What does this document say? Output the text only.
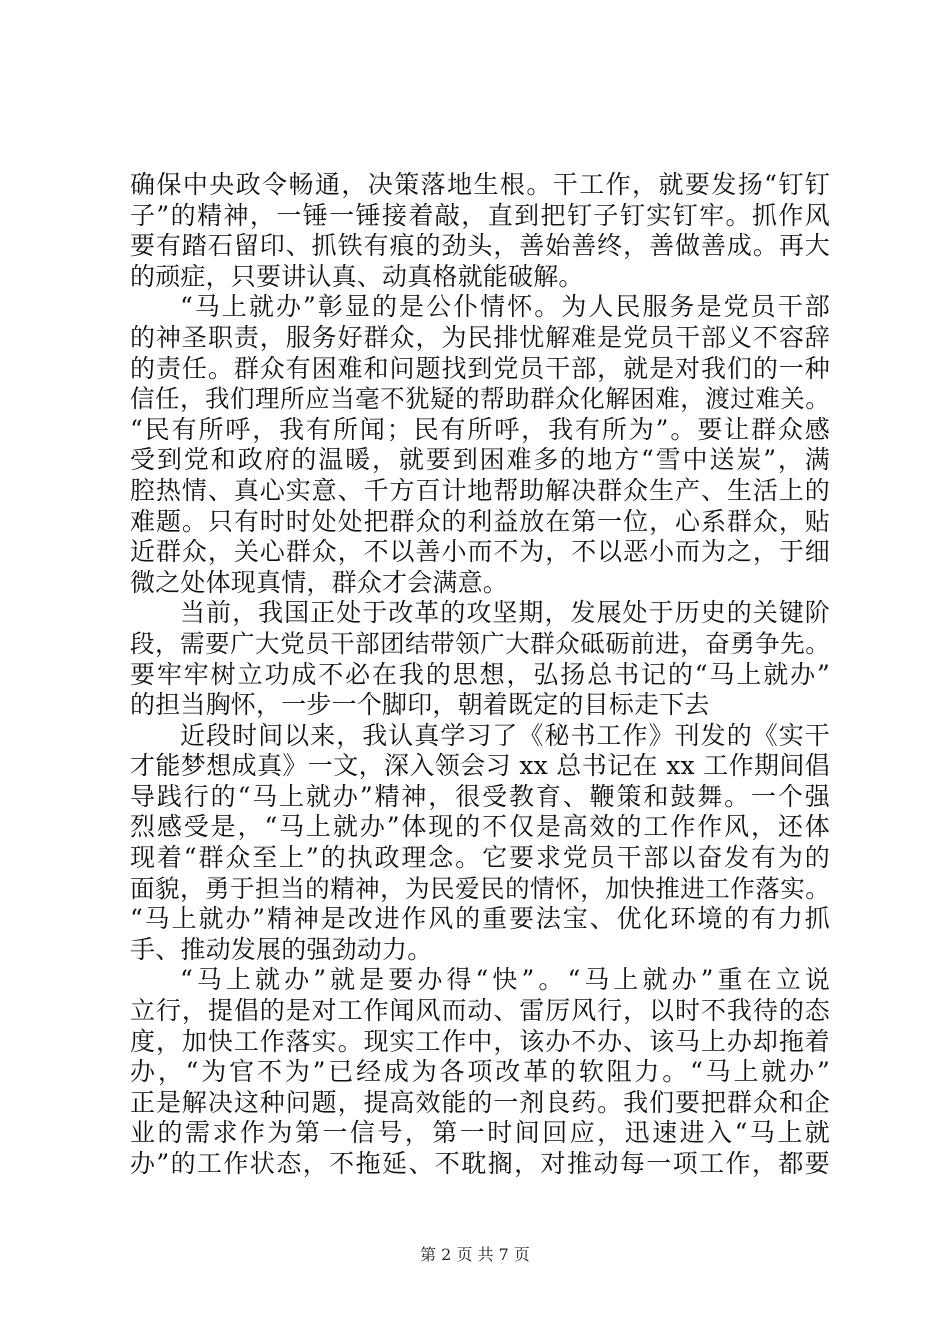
确保中央政令畅通，决策落地生根。干工作，就要发扬“钉钉
子”的精神，一锤一锤接着敲，直到把钉子钉实钉牢。抓作风
要有踏石留印、抓铁有痕的劲头，善始善终，善做善成。再大
的顽症，只要讲认真、动真格就能破解。
“马上就办”彰显的是公仆情怀。为人民服务是党员干部
的神圣职责，服务好群众，为民排忧解难是党员干部义不容辞
的责任。群众有困难和问题找到党员干部，就是对我们的一种
信任，我们理所应当毫不犹疑的帮助群众化解困难，渡过难关。
“民有所呼，我有所闻；民有所呼，我有所为”。要让群众感
受到党和政府的温暖，就要到困难多的地方“雪中送炭”，满
腔热情、真心实意、千方百计地帮助解决群众生产、生活上的
难题。只有时时处处把群众的利益放在第一位，心系群众，贴
近群众，关心群众，不以善小而不为，不以恶小而为之，于细
微之处体现真情，群众才会满意。
当前，我国正处于改革的攻坚期，发展处于历史的关键阶
段，需要广大党员干部团结带领广大群众砥砺前进，奋勇争先。
要牢牢树立功成不必在我的思想，弘扬总书记的“马上就办”
的担当胸怀，一步一个脚印，朝着既定的目标走下去
近段时间以来，我认真学习了《秘书工作》刊发的《实干
才能梦想成真》一文，深入领会习 xx 总书记在 xx 工作期间倡
导践行的“马上就办”精神，很受教育、鞭策和鼓舞。一个强
烈感受是，“马上就办”体现的不仅是高效的工作作风，还体
现着“群众至上”的执政理念。它要求党员干部以奋发有为的
面貌，勇于担当的精神，为民爱民的情怀，加快推进工作落实。
“马上就办”精神是改进作风的重要法宝、优化环境的有力抓
手、推动发展的强劲动力。
“马上就办”就是要办得“快”。“马上就办”重在立说
立行，提倡的是对工作闻风而动、雷厉风行，以时不我待的态
度，加快工作落实。现实工作中，该办不办、该马上办却拖着
办，“为官不为”已经成为各项改革的软阻力。“马上就办”
正是解决这种问题，提高效能的一剂良药。我们要把群众和企
业的需求作为第一信号，第一时间回应，迅速进入“马上就
办”的工作状态，不拖延、不耽搁，对推动每一项工作，都要
第 2 页 共 7 页
